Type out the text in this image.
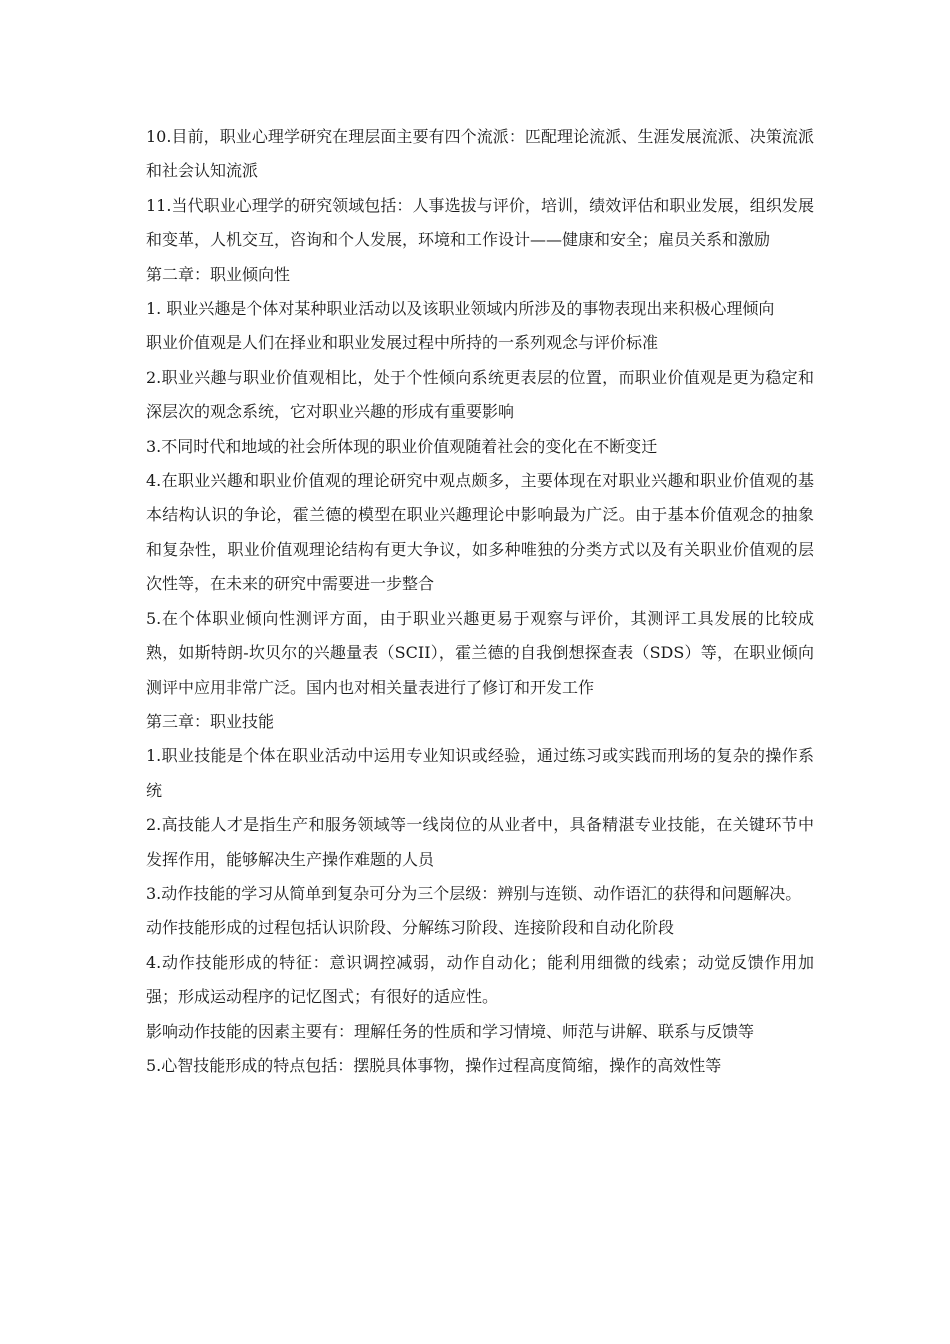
10.目前，职业心理学研究在理层面主要有四个流派：匹配理论流派、生涯发展流派、决策流派和社会认知流派

11.当代职业心理学的研究领域包括：人事选拔与评价，培训，绩效评估和职业发展，组织发展和变革，人机交互，咨询和个人发展，环境和工作设计——健康和安全；雇员关系和激励

第二章：职业倾向性

1. 职业兴趣是个体对某种职业活动以及该职业领域内所涉及的事物表现出来积极心理倾向

职业价值观是人们在择业和职业发展过程中所持的一系列观念与评价标准

2.职业兴趣与职业价值观相比，处于个性倾向系统更表层的位置，而职业价值观是更为稳定和深层次的观念系统，它对职业兴趣的形成有重要影响

3.不同时代和地域的社会所体现的职业价值观随着社会的变化在不断变迁

4.在职业兴趣和职业价值观的理论研究中观点颇多，主要体现在对职业兴趣和职业价值观的基本结构认识的争论，霍兰德的模型在职业兴趣理论中影响最为广泛。由于基本价值观念的抽象和复杂性，职业价值观理论结构有更大争议，如多种唯独的分类方式以及有关职业价值观的层次性等，在未来的研究中需要进一步整合

5.在个体职业倾向性测评方面，由于职业兴趣更易于观察与评价，其测评工具发展的比较成熟，如斯特朗-坎贝尔的兴趣量表（SCII），霍兰德的自我倒想探查表（SDS）等，在职业倾向测评中应用非常广泛。国内也对相关量表进行了修订和开发工作

第三章：职业技能

1.职业技能是个体在职业活动中运用专业知识或经验，通过练习或实践而刑场的复杂的操作系统

2.高技能人才是指生产和服务领域等一线岗位的从业者中，具备精湛专业技能，在关键环节中发挥作用，能够解决生产操作难题的人员

3.动作技能的学习从简单到复杂可分为三个层级：辨别与连锁、动作语汇的获得和问题解决。

动作技能形成的过程包括认识阶段、分解练习阶段、连接阶段和自动化阶段

4.动作技能形成的特征：意识调控减弱，动作自动化；能利用细微的线索；动觉反馈作用加强；形成运动程序的记忆图式；有很好的适应性。

影响动作技能的因素主要有：理解任务的性质和学习情境、师范与讲解、联系与反馈等

5.心智技能形成的特点包括：摆脱具体事物，操作过程高度简缩，操作的高效性等
